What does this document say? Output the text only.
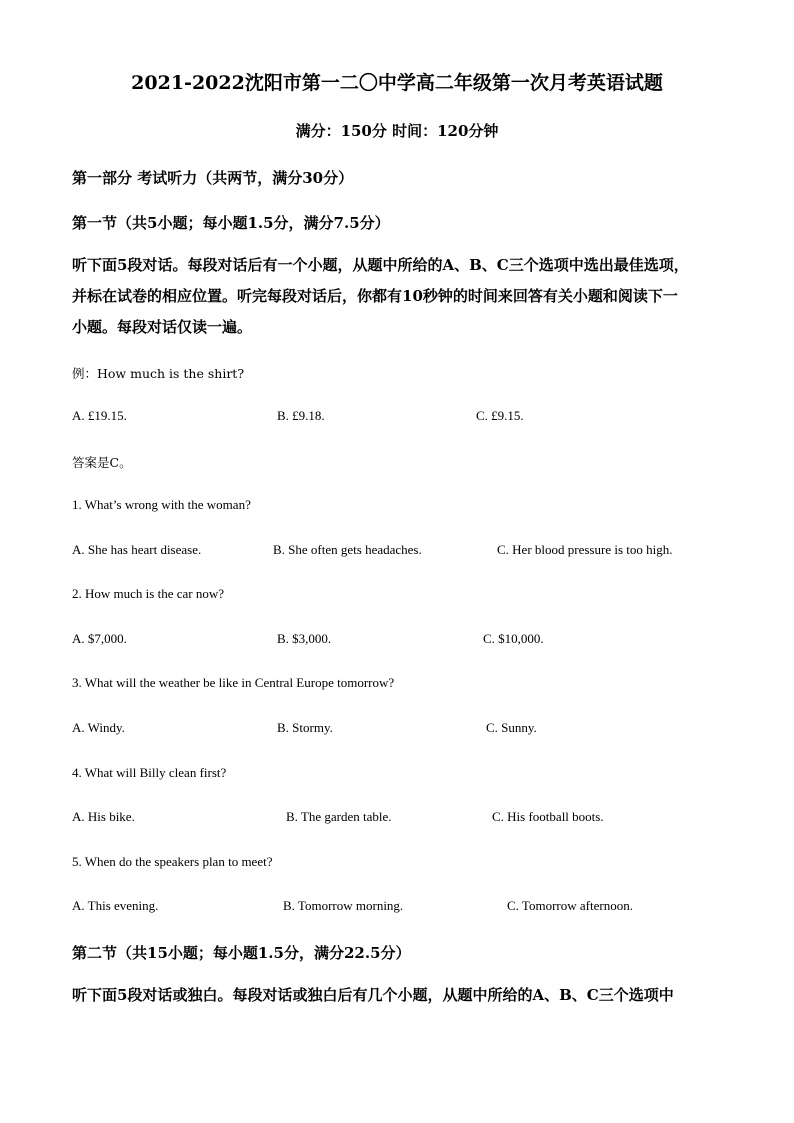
2021-2022沈阳市第一二〇中学高二年级第一次月考英语试题
满分：150分 时间：120分钟
第一部分 考试听力（共两节，满分30分）
第一节（共5小题；每小题1.5分，满分7.5分）
听下面5段对话。每段对话后有一个小题，从题中所给的A、B、C三个选项中选出最佳选项，
并标在试卷的相应位置。听完每段对话后，你都有10秒钟的时间来回答有关小题和阅读下一
小题。每段对话仅读一遍。
例：How much is the shirt?
A. £19.15.	B. £9.18.	C. £9.15.
答案是C。
1. What’s wrong with the woman?
A. She has heart disease.	B. She often gets headaches.	C. Her blood pressure is too high.
2. How much is the car now?
A. $7,000.	B. $3,000.	C. $10,000.
3. What will the weather be like in Central Europe tomorrow?
A. Windy.	B. Stormy.	C. Sunny.
4. What will Billy clean first?
A. His bike.	B. The garden table.	C. His football boots.
5. When do the speakers plan to meet?
A. This evening.	B. Tomorrow morning.	C. Tomorrow afternoon.
第二节（共15小题；每小题1.5分，满分22.5分）
听下面5段对话或独白。每段对话或独白后有几个小题，从题中所给的A、B、C三个选项中
